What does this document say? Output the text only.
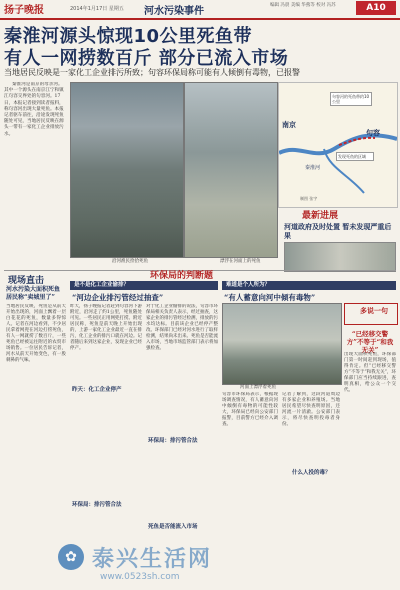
扬子晚报	2014年1月17日 星期五 河水污染事件
编辑 冯晨 美编 华燕等 校对 冯苏	A10
秦淮河源头惊现10公里死鱼带
有人一网捞数百斤 部分已流入市场
当地居民反映是一家化工企业排污所致；句容环保局称可能有人倾倒有毒物，已报警
秦淮河是南京的母亲河。其中一个源头在南京江宁和镇江句容交界处的句容河。17日，本报记者接到读者报料，称句容河出现大量死鱼。本报记者驱车前往，沿途发现死鱼随处可见，当地居民反映在源头一带有一家化工企业排放污水。
沿河渔民捡拾死鱼	漂浮在河面上的死鱼
南京
句容
秦淮河
句容河的死鱼带约10公里
发现死鱼的区域
制图 张宇
最新进展
河道政府及时处置 暂未发现严重后果
现场直击
河水污染大面积死鱼 居民称“卖城里了”
当地居民反映，死鱼是从前天开始出现的，河面上飘着一层白花花的死鱼，数量多得惊人。记者在河边看到，不少居民拿着网兜在河边打捞死鱼，有人一网就捞了数百斤，一些死鱼已经被运往附近的农贸市场销售。一位居民告诉记者，河水从前天开始变色，有一股刺鼻的气味。
环保局的判断题
是不是化工企业偷排？
“河边企业排污管经过抽查”
昨天，扬子晚报记者赶到句容河下游附近，沿河走了约1公里，死鱼随处可见。一些居民正用网兜打捞。附近居民称，死鱼是前天晚上开始出现的，上游一家化工企业最近一直在排污，化工企业的排污口就在河边。记者随后来到这家企业，发现企业已经停产。
对于化工企业偷排的说法，句容市环保局相关负责人表示，经过抽查，这家企业的排污管经过检测，排放的污水均达标。目前该企业已经停产整改。环保部门已经对河水进行了取样检测，结果尚未出来。死鱼是否能流入市场，当地市场监管部门表示将加强检查。
昨天：化工企业停产
环保局：排污管合法
环保局：排污管合法
死鱼是否能流入市场
难道是个人所为？
“有人蓄意向河中倾有毒物”
河面上漂浮着死鱼
句容市环保局表示，根据现场调查情况，有人蓄意向河中倾倒有毒物的可能性较大，环保局已经向公安部门报警，目前警方已经介入调查。
记者了解到，这段河道周边有多家企业和养殖场。当地居民希望尽快查明原因，还河流一片清澈。公安部门表示，将尽快查明投毒者身份。
什么人投的毒？
多说一句
“已经移交警方”不等于“和我无关”
出现大面积死鱼，环保部门第一时间赶到现场，值得肯定。但“已经移交警方”不等于“和我无关”，环保部门应当持续跟进，查明真相，给公众一个交代。
✿ 泰兴生活网
www.0523sh.com
